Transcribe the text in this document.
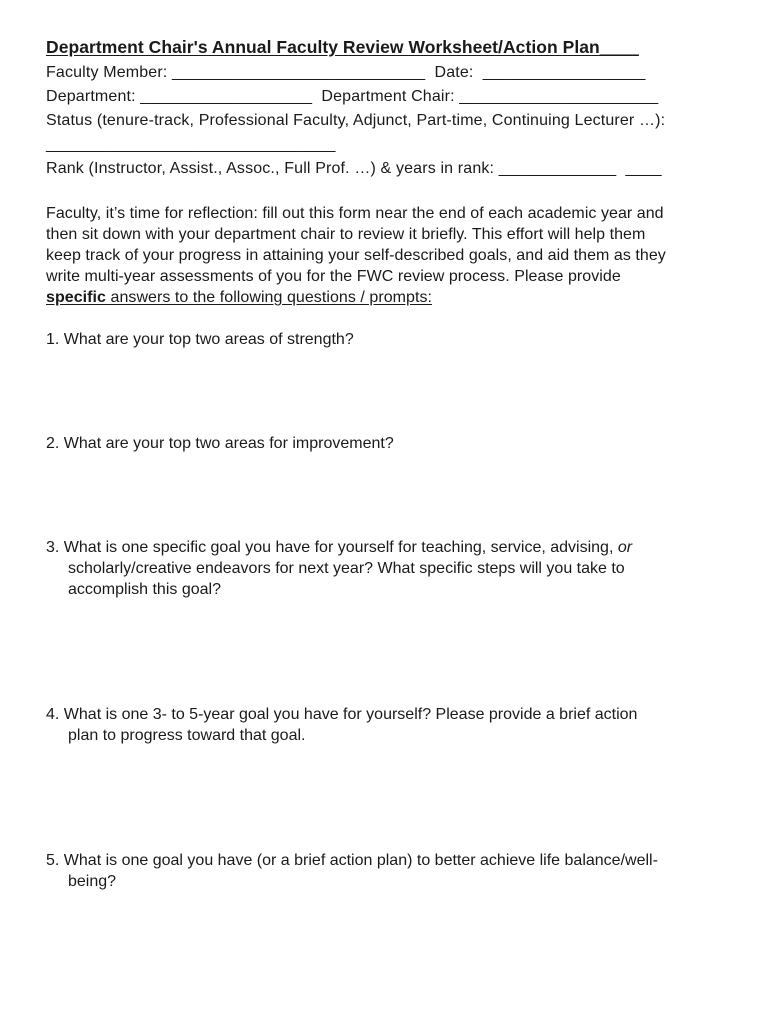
Department Chair's Annual Faculty Review Worksheet/Action Plan____
Faculty Member: ____________________________  Date:  __________________
Department: ___________________  Department Chair: ______________________
Status (tenure-track, Professional Faculty, Adjunct, Part-time, Continuing Lecturer …):
________________________________
Rank (Instructor, Assist., Assoc., Full Prof. …) & years in rank: _____________  ____
Faculty, it’s time for reflection: fill out this form near the end of each academic year and
then sit down with your department chair to review it briefly. This effort will help them
keep track of your progress in attaining your self-described goals, and aid them as they
write multi-year assessments of you for the FWC review process. Please provide
specific answers to the following questions / prompts:
1. What are your top two areas of strength?
2. What are your top two areas for improvement?
3. What is one specific goal you have for yourself for teaching, service, advising, or
scholarly/creative endeavors for next year? What specific steps will you take to
accomplish this goal?
4. What is one 3- to 5-year goal you have for yourself? Please provide a brief action
plan to progress toward that goal.
5. What is one goal you have (or a brief action plan) to better achieve life balance/well-
being?
